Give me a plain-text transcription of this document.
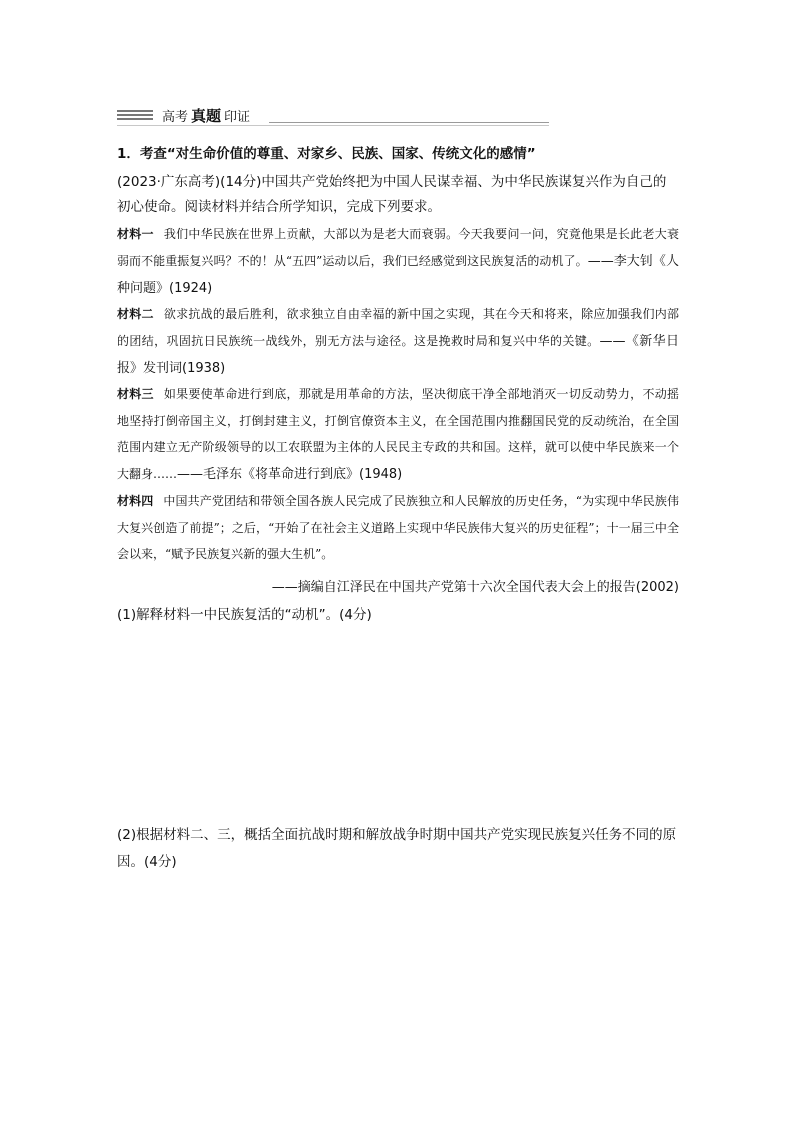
高考 真题 印证
1．考查“对生命价值的尊重、对家乡、民族、国家、传统文化的感情”
(2023·广东高考)(14分)中国共产党始终把为中国人民谋幸福、为中华民族谋复兴作为自己的初心使命。阅读材料并结合所学知识，完成下列要求。
材料一 我们中华民族在世界上贡献，大部以为是老大而衰弱。今天我要问一问，究竟他果是长此老大衰弱而不能重振复兴吗？不的！从“五四”运动以后，我们已经感觉到这民族复活的动机了。——李大钊《人种问题》(1924)
材料二 欲求抗战的最后胜利，欲求独立自由幸福的新中国之实现，其在今天和将来，除应加强我们内部的团结，巩固抗日民族统一战线外，别无方法与途径。这是挽救时局和复兴中华的关键。——《新华日报》发刊词(1938)
材料三 如果要使革命进行到底，那就是用革命的方法，坚决彻底干净全部地消灭一切反动势力，不动摇地坚持打倒帝国主义，打倒封建主义，打倒官僚资本主义，在全国范围内推翻国民党的反动统治，在全国范围内建立无产阶级领导的以工农联盟为主体的人民民主专政的共和国。这样，就可以使中华民族来一个大翻身……——毛泽东《将革命进行到底》(1948)
材料四 中国共产党团结和带领全国各族人民完成了民族独立和人民解放的历史任务，“为实现中华民族伟大复兴创造了前提”；之后，“开始了在社会主义道路上实现中华民族伟大复兴的历史征程”；十一届三中全会以来，“赋予民族复兴新的强大生机”。
——摘编自江泽民在中国共产党第十六次全国代表大会上的报告(2002)
(1)解释材料一中民族复活的“动机”。(4分)
(2)根据材料二、三，概括全面抗战时期和解放战争时期中国共产党实现民族复兴任务不同的原因。(4分)
